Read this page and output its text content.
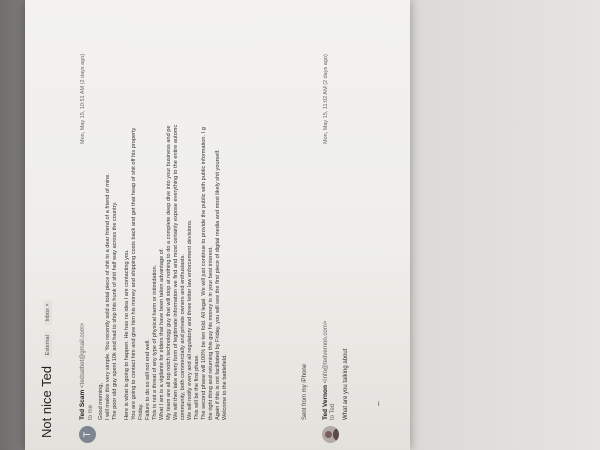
Not nice Ted External Inbox ×
T
Ted Scam <tedsathet@gmail.com>
to me
Mon, May 15, 10:51 AM (2 days ago)
Good morning, I will make this very simple. You recently sold a total piece of shit to a dear friend of a friend of mine. The poor old guy spent 10k and had to ship this hunk of shit half way across the country. Here is what is going to happen. He has no idea I am contacting you. You are going to contact him and give him his money and shipping costs back and get that heap of shit off his property Friday. Failure to do so will not end well. This is not a threat of any type of physical harm or intimidation. What I am is a vigilante for elders that have been taken advantage of. My team are all top notch technology guy that will stop at nothing to do a complete deep dive into your business and pe We will then take every form of legitimate information we find and most certainly expose everything to the entire automc community, both commercially and private owners and enthusiasts. We will notify every and all regulatory and three letter law enforcement devisions. This will be the first phase. The second phase will 100% be ten fold. All legal. We will just continue to provide the public with public information. I g the right thing and returning this guy his money is in your best interest. Again if this is not facilitated by Friday, you will see the first piece of digital media and most likely shit yourself. Welcome to the battlefield.	Sent from my iPhone Ted Vernon <info@tedvernon.com>
to Ted
Mon, May 15, 11:02 AM (2 days ago)
What are you talking about	–
